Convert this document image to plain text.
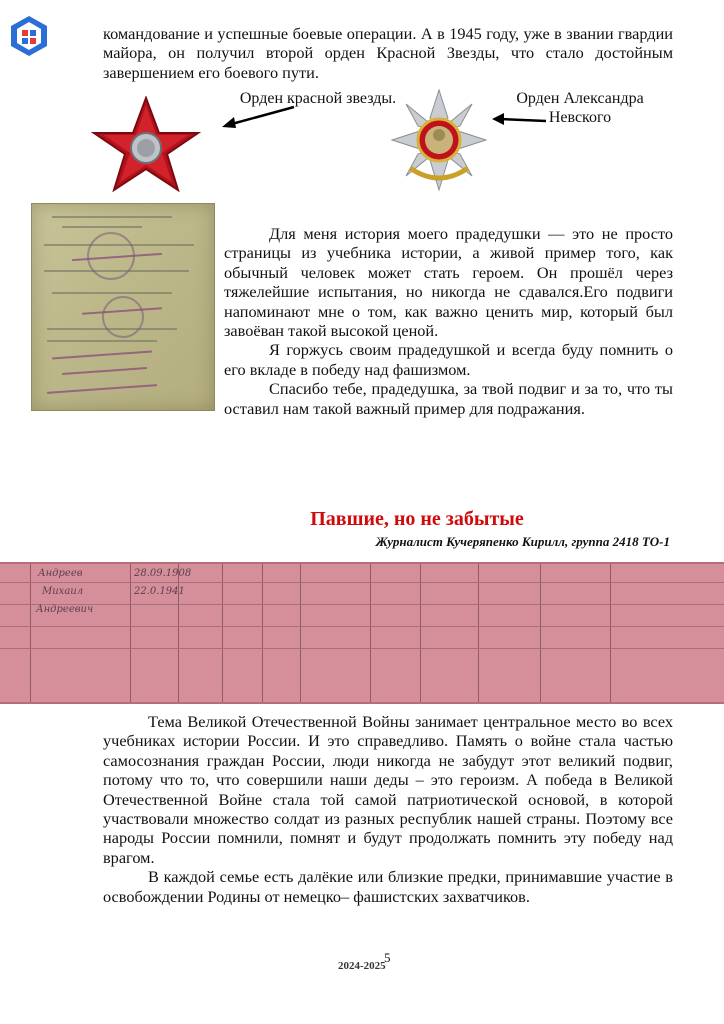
командование и успешные боевые операции. А в 1945 году, уже в звании гвардии майора, он получил второй орден Красной Звезды, что стало достойным завершением его боевого пути.

Орден красной звезды.	Орден Александра
Невского

Для меня история моего прадедушки — это не просто страницы из учебника истории, а живой пример того, как обычный человек может стать героем. Он прошёл через тяжелейшие испытания, но никогда не сдавался.Его подвиги напоминают мне о том, как важно ценить мир, который был завоёван такой высокой ценой.

Я горжусь своим прадедушкой и всегда буду помнить о его вкладе в победу над фашизмом.

Спасибо тебе, прадедушка, за твой подвиг и за то, что ты оставил нам такой важный пример для подражания.

Павшие, но не забытые
Журналист Кучеряпенко Кирилл, группа 2418 ТО-1
Андреев
Михаил
Андреевич
28.09.1908
22.0.1941

Тема Великой Отечественной Войны занимает центральное место во всех учебниках истории России. И это справедливо. Память о войне стала частью самосознания граждан России, люди никогда не забудут этот великий подвиг, потому что то, что совершили наши деды – это героизм. А победа в Великой Отечественной Войне стала той самой патриотической основой, в которой участвовали множество солдат из разных республик нашей страны. Поэтому все народы России помнили, помнят и будут продолжать помнить эту победу над врагом.

В каждой семье есть далёкие или близкие предки, принимавшие участие в освобождении Родины от немецко– фашистских захватчиков.

5
2024-2025
